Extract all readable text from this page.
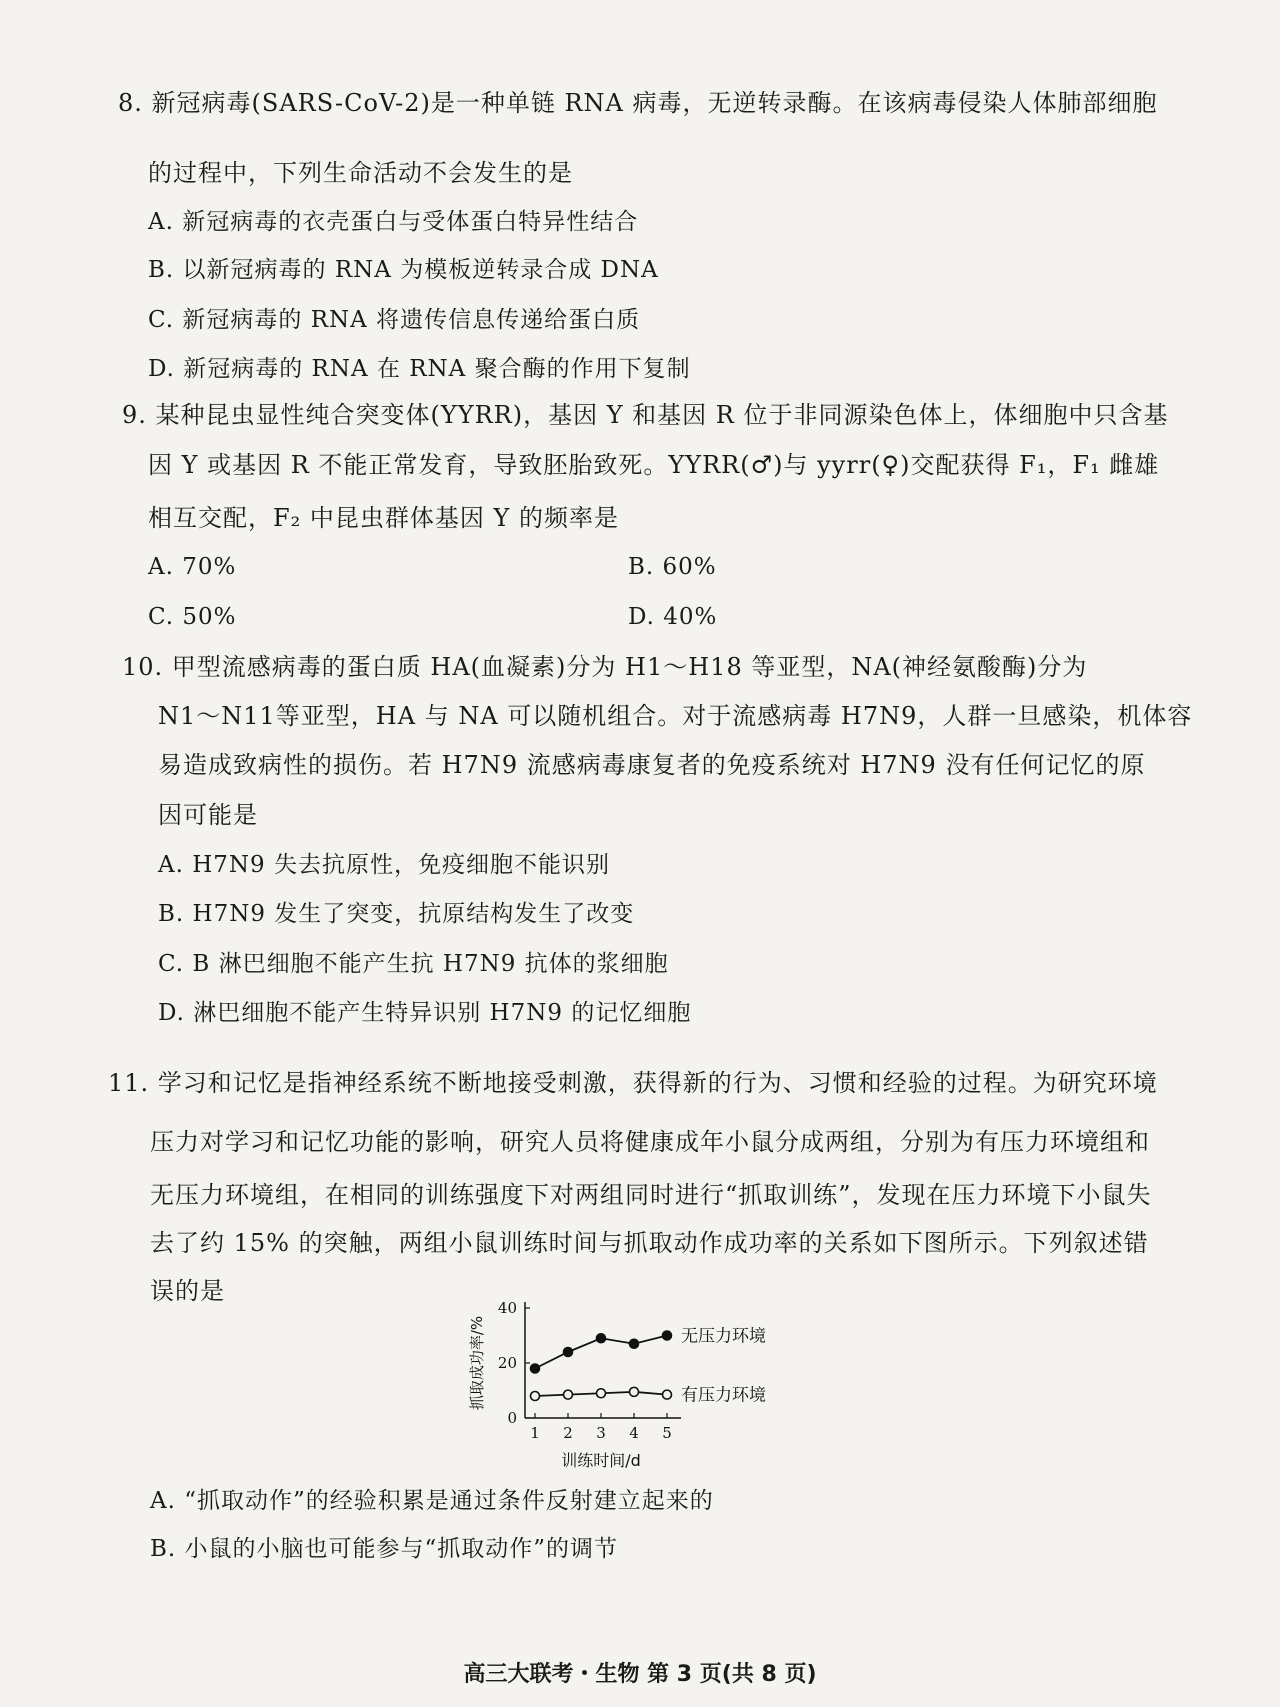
8. 新冠病毒(SARS-CoV-2)是一种单链 RNA 病毒，无逆转录酶。在该病毒侵染人体肺部细胞
的过程中，下列生命活动不会发生的是
A. 新冠病毒的衣壳蛋白与受体蛋白特异性结合
B. 以新冠病毒的 RNA 为模板逆转录合成 DNA
C. 新冠病毒的 RNA 将遗传信息传递给蛋白质
D. 新冠病毒的 RNA 在 RNA 聚合酶的作用下复制
9. 某种昆虫显性纯合突变体(YYRR)，基因 Y 和基因 R 位于非同源染色体上，体细胞中只含基
因 Y 或基因 R 不能正常发育，导致胚胎致死。YYRR(♂)与 yyrr(♀)交配获得 F₁，F₁ 雌雄
相互交配，F₂ 中昆虫群体基因 Y 的频率是
A. 70%	B. 60%
C. 50%	D. 40%
10. 甲型流感病毒的蛋白质 HA(血凝素)分为 H1～H18 等亚型，NA(神经氨酸酶)分为
N1～N11等亚型，HA 与 NA 可以随机组合。对于流感病毒 H7N9，人群一旦感染，机体容
易造成致病性的损伤。若 H7N9 流感病毒康复者的免疫系统对 H7N9 没有任何记忆的原
因可能是
A. H7N9 失去抗原性，免疫细胞不能识别
B. H7N9 发生了突变，抗原结构发生了改变
C. B 淋巴细胞不能产生抗 H7N9 抗体的浆细胞
D. 淋巴细胞不能产生特异识别 H7N9 的记忆细胞
11. 学习和记忆是指神经系统不断地接受刺激，获得新的行为、习惯和经验的过程。为研究环境
压力对学习和记忆功能的影响，研究人员将健康成年小鼠分成两组，分别为有压力环境组和
无压力环境组，在相同的训练强度下对两组同时进行“抓取训练”，发现在压力环境下小鼠失
去了约 15% 的突触，两组小鼠训练时间与抓取动作成功率的关系如下图所示。下列叙述错
误的是
0
20
40
1 2 3 4 5
训练时间/d
抓取成功率/%	无压力环境
有压力环境
A. “抓取动作”的经验积累是通过条件反射建立起来的
B. 小鼠的小脑也可能参与“抓取动作”的调节
高三大联考・生物 第 3 页(共 8 页)
